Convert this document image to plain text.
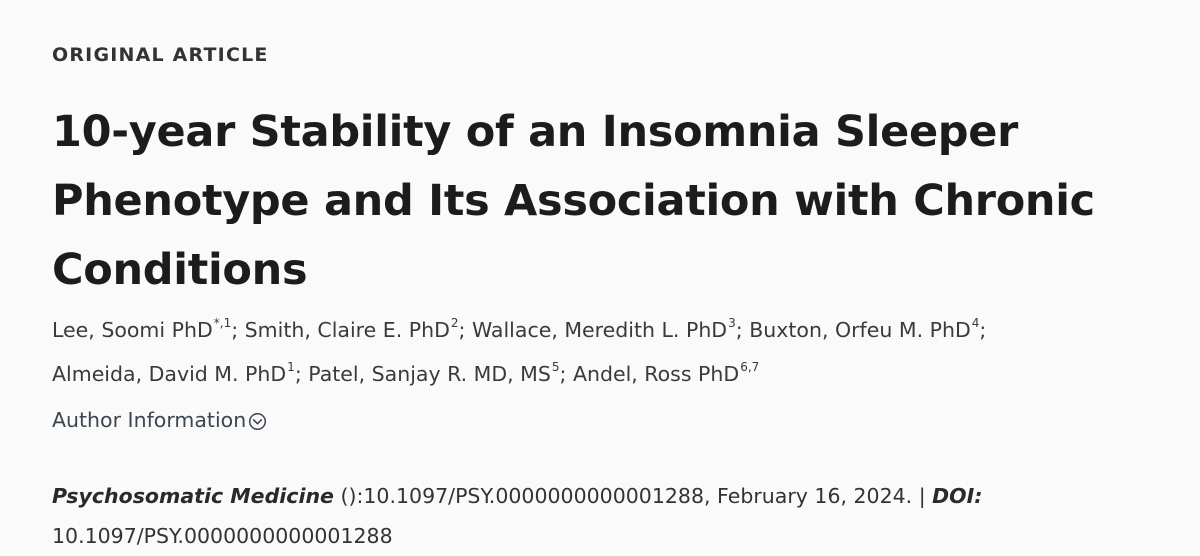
ORIGINAL ARTICLE
10-year Stability of an Insomnia Sleeper
Phenotype and Its Association with Chronic
Conditions
Lee, Soomi PhD$^{*,1}$; Smith, Claire E. PhD$^2$; Wallace, Meredith L. PhD$^3$; Buxton, Orfeu M. PhD$^4$;
Almeida, David M. PhD$^1$; Patel, Sanjay R. MD, $MS^5$; Andel, Ross PhD$^{6,7}$
Author Information
Psychosomatic Medicine ():10.1097/PSY.0000000000001288, February 16, 2024. | DOI:
10.1097/PSY.0000000000001288
